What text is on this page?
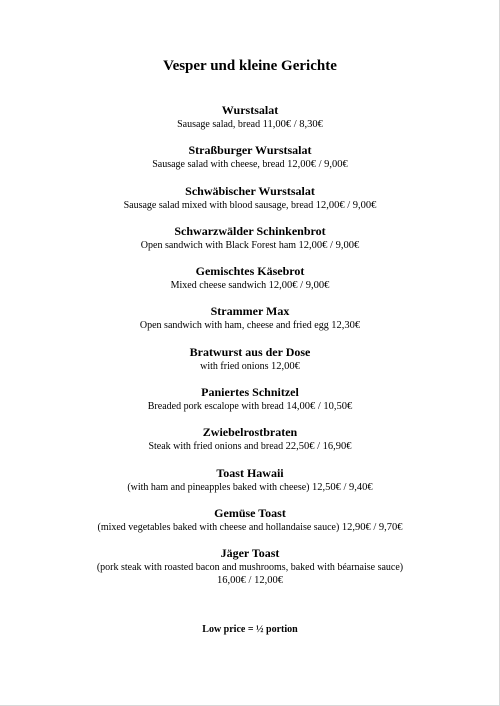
Vesper und kleine Gerichte
Wurstsalat
Sausage salad, bread 11,00€ / 8,30€
Straßburger Wurstsalat
Sausage salad with cheese, bread 12,00€ / 9,00€
Schwäbischer Wurstsalat
Sausage salad mixed with blood sausage, bread 12,00€ / 9,00€
Schwarzwälder Schinkenbrot
Open sandwich with Black Forest ham 12,00€ / 9,00€
Gemischtes Käsebrot
Mixed cheese sandwich 12,00€ / 9,00€
Strammer Max
Open sandwich with ham, cheese and fried egg 12,30€
Bratwurst aus der Dose
with fried onions 12,00€
Paniertes Schnitzel
Breaded pork escalope with bread 14,00€ / 10,50€
Zwiebelrostbraten
Steak with fried onions and bread 22,50€ / 16,90€
Toast Hawaii
(with ham and pineapples baked with cheese) 12,50€ / 9,40€
Gemüse Toast
(mixed vegetables baked with cheese and hollandaise sauce) 12,90€ / 9,70€
Jäger Toast
(pork steak with roasted bacon and mushrooms, baked with béarnaise sauce)
16,00€ / 12,00€
Low price = ½ portion
